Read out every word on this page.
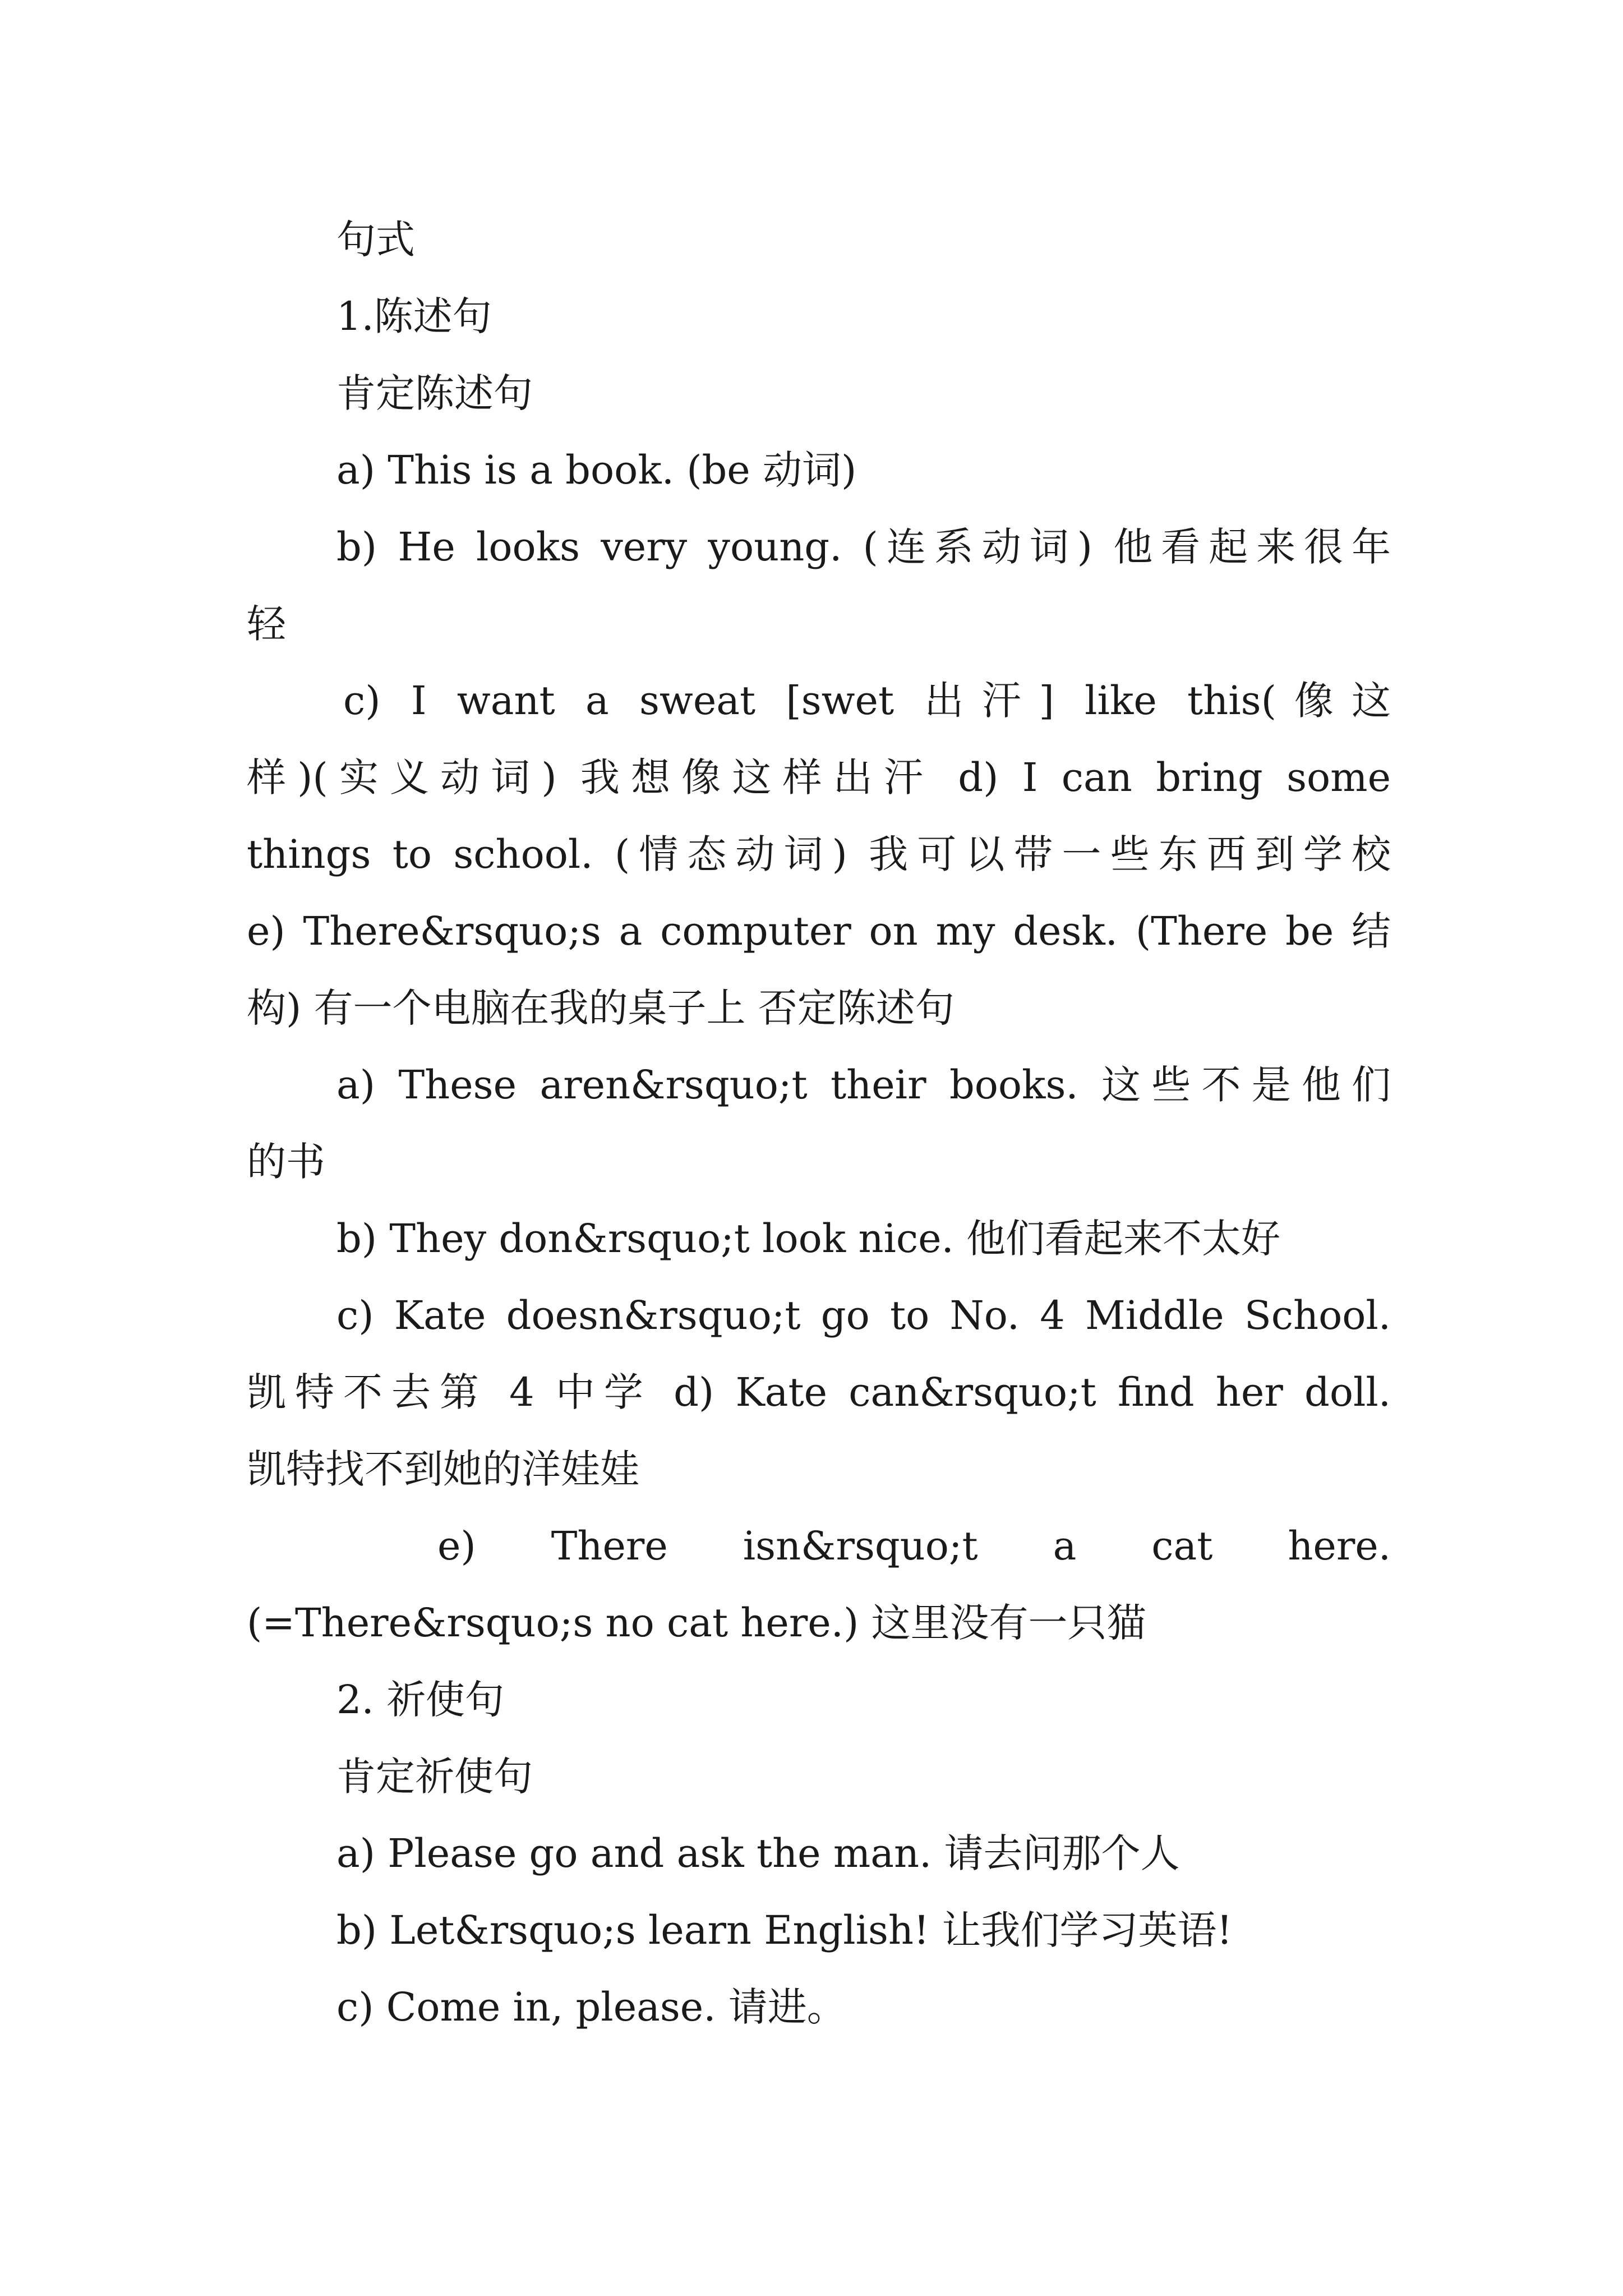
句式
1.陈述句
肯定陈述句
a) This is a book. (be 动词)
b) He looks very young. (连系动词) 他看起来很年
轻
c) I want a sweat [swet 出汗] like this(像这
样)(实义动词) 我想像这样出汗 d) I can bring some
things to school. (情态动词) 我可以带一些东西到学校
e) There&rsquo;s a computer on my desk. (There be 结
构) 有一个电脑在我的桌子上 否定陈述句
a) These aren&rsquo;t their books. 这些不是他们
的书
b) They don&rsquo;t look nice. 他们看起来不太好
c) Kate doesn&rsquo;t go to No. 4 Middle School.
凯特不去第 4 中学 d) Kate can&rsquo;t find her doll.
凯特找不到她的洋娃娃
e) There isn&rsquo;t a cat here.
(=There&rsquo;s no cat here.) 这里没有一只猫
2. 祈使句
肯定祈使句
a) Please go and ask the man. 请去问那个人
b) Let&rsquo;s learn English! 让我们学习英语!
c) Come in, please. 请进。
